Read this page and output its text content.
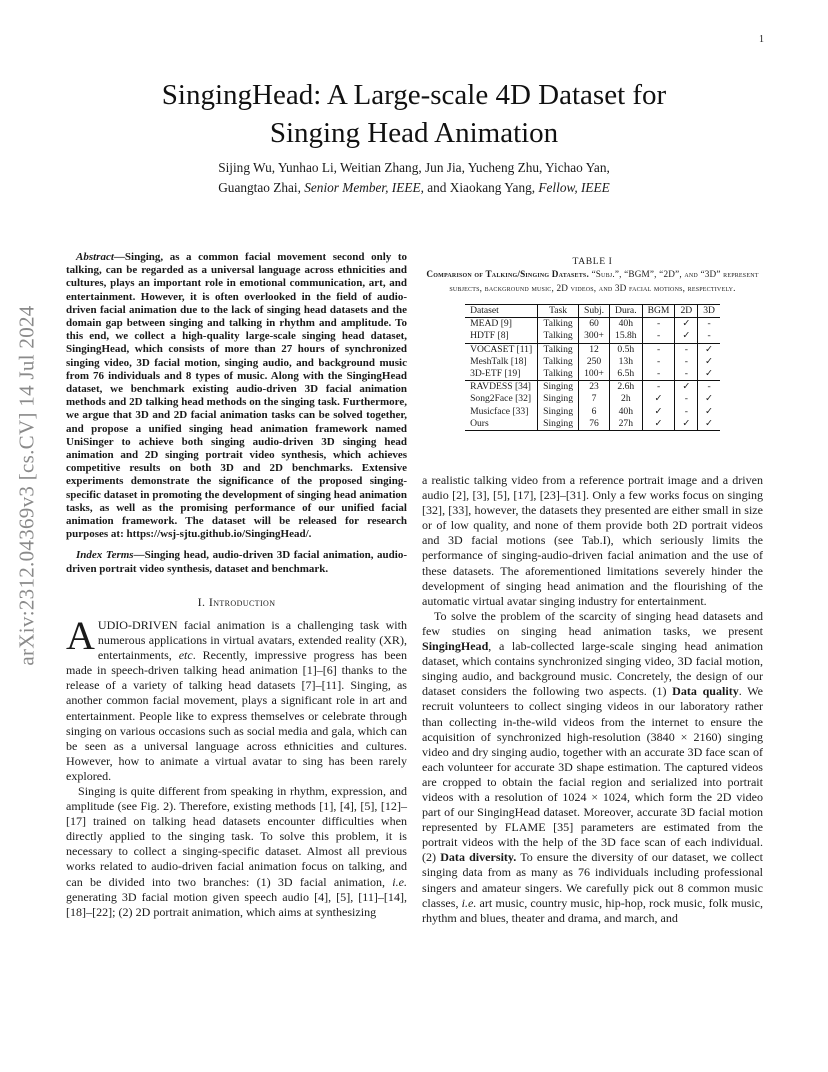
1
SingingHead: A Large-scale 4D Dataset for
Singing Head Animation
Sijing Wu, Yunhao Li, Weitian Zhang, Jun Jia, Yucheng Zhu, Yichao Yan,
Guangtao Zhai, Senior Member, IEEE, and Xiaokang Yang, Fellow, IEEE
arXiv:2312.04369v3 [cs.CV] 14 Jul 2024
Abstract—Singing, as a common facial movement second only to talking, can be regarded as a universal language across ethnicities and cultures, plays an important role in emotional communication, art, and entertainment. However, it is often overlooked in the field of audio-driven facial animation due to the lack of singing head datasets and the domain gap between singing and talking in rhythm and amplitude. To this end, we collect a high-quality large-scale singing head dataset, SingingHead, which consists of more than 27 hours of synchronized singing video, 3D facial motion, singing audio, and background music from 76 individuals and 8 types of music. Along with the SingingHead dataset, we benchmark existing audio-driven 3D facial animation methods and 2D talking head methods on the singing task. Furthermore, we argue that 3D and 2D facial animation tasks can be solved together, and propose a unified singing head animation framework named UniSinger to achieve both singing audio-driven 3D singing head animation and 2D singing portrait video synthesis, which achieves competitive results on both 3D and 2D benchmarks. Extensive experiments demonstrate the significance of the proposed singing-specific dataset in promoting the development of singing head animation tasks, as well as the promising performance of our unified facial animation framework. The dataset will be released for research purposes at: https://wsj-sjtu.github.io/SingingHead/.
Index Terms—Singing head, audio-driven 3D facial animation, audio-driven portrait video synthesis, dataset and benchmark.
I. Introduction

AUDIO-DRIVEN facial animation is a challenging task with numerous applications in virtual avatars, extended reality (XR), entertainments, etc. Recently, impressive progress has been made in speech-driven talking head animation [1]–[6] thanks to the release of a variety of talking head datasets [7]–[11]. Singing, as another common facial movement, plays a significant role in art and entertainment. People like to express themselves or celebrate through singing on various occasions such as social media and gala, which can be seen as a universal language across ethnicities and cultures. However, how to animate a virtual avatar to sing has been rarely explored.

Singing is quite different from speaking in rhythm, expression, and amplitude (see Fig. 2). Therefore, existing methods [1], [4], [5], [12]–[17] trained on talking head datasets encounter difficulties when directly applied to the singing task. To solve this problem, it is necessary to collect a singing-specific dataset. Almost all previous works related to audio-driven facial animation focus on talking, and can be divided into two branches: (1) 3D facial animation, i.e. generating 3D facial motion given speech audio [4], [5], [11]–[14], [18]–[22]; (2) 2D portrait animation, which aims at synthesizing

TABLE I
Comparison of Talking/Singing Datasets. “Subj.”, “BGM”, “2D”, and “3D” represent subjects, background music, 2D videos, and 3D facial motions, respectively.
Dataset	Task	Subj.	Dura.	BGM	2D	3D
MEAD [9]	Talking	60	40h	-	✓	-
HDTF [8]	Talking	300+	15.8h	-	✓	-
VOCASET [11]	Talking	12	0.5h	-	-	✓
MeshTalk [18]	Talking	250	13h	-	-	✓
3D-ETF [19]	Talking	100+	6.5h	-	-	✓
RAVDESS [34]	Singing	23	2.6h	-	✓	-
Song2Face [32]	Singing	7	2h	✓	-	✓
Musicface [33]	Singing	6	40h	✓	-	✓
Ours	Singing	76	27h	✓	✓	✓

a realistic talking video from a reference portrait image and a driven audio [2], [3], [5], [17], [23]–[31]. Only a few works focus on singing [32], [33], however, the datasets they presented are either small in size or of low quality, and none of them provide both 2D portrait videos and 3D facial motions (see Tab.I), which seriously limits the performance of singing-audio-driven facial animation and the use of these datasets. The aforementioned limitations severely hinder the development of singing head animation and the flourishing of the automatic virtual avatar singing industry for entertainment.

To solve the problem of the scarcity of singing head datasets and few studies on singing head animation tasks, we present SingingHead, a lab-collected large-scale singing head animation dataset, which contains synchronized singing video, 3D facial motion, singing audio, and background music. Concretely, the design of our dataset considers the following two aspects. (1) Data quality. We recruit volunteers to collect singing videos in our laboratory rather than collecting in-the-wild videos from the internet to ensure the acquisition of synchronized high-resolution (3840 × 2160) singing video and dry singing audio, together with an accurate 3D face scan of each volunteer for accurate 3D shape estimation. The captured videos are cropped to obtain the facial region and serialized into portrait videos with a resolution of 1024 × 1024, which form the 2D video part of our SingingHead dataset. Moreover, accurate 3D facial motion represented by FLAME [35] parameters are estimated from the portrait videos with the help of the 3D face scan of each individual. (2) Data diversity. To ensure the diversity of our dataset, we collect singing data from as many as 76 individuals including professional singers and amateur singers. We carefully pick out 8 common music classes, i.e. art music, country music, hip-hop, rock music, folk music, rhythm and blues, theater and drama, and march, and
